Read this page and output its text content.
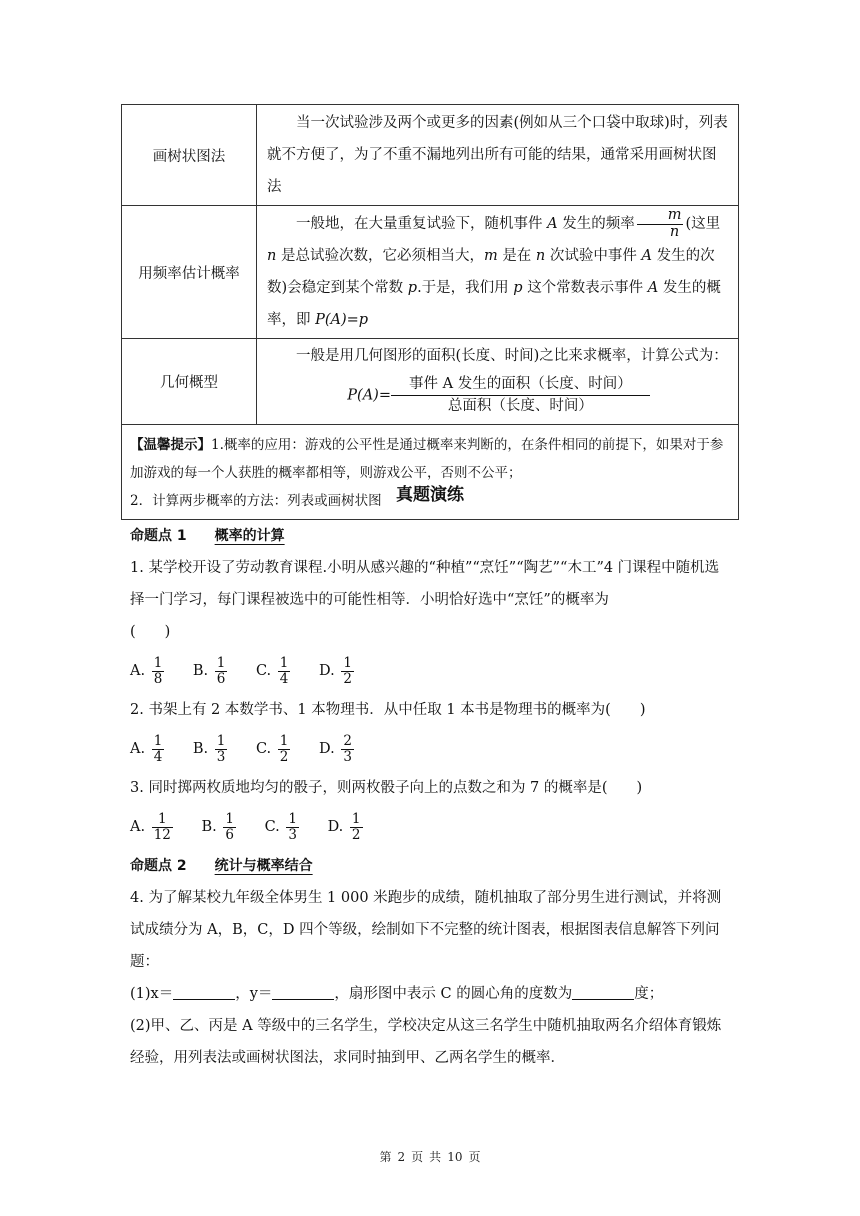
画树状图法	当一次试验涉及两个或更多的因素(例如从三个口袋中取球)时，列表就不方便了，为了不重不漏地列出所有可能的结果，通常采用画树状图法
用频率估计概率	一般地，在大量重复试验下，随机事件 A 发生的频率 $\frac{m}{n}$ (这里 n 是总试验次数，它必须相当大，m 是在 n 次试验中事件 A 发生的次数)会稳定到某个常数 p.于是，我们用 p 这个常数表示事件 A 发生的概率，即 P(A)=p
几何概型	一般是用几何图形的面积(长度、时间)之比来求概率，计算公式为：
$P(A)= \frac{\text{事件 A 发生的面积（长度、时间）}}{\text{总面积（长度、时间）}}$

【温馨提示】1.概率的应用：游戏的公平性是通过概率来判断的，在条件相同的前提下，如果对于参加游戏的每一个人获胜的概率都相等，则游戏公平，否则不公平；
2．计算两步概率的方法：列表或画树状图	真题演练
命题点 1 概率的计算
1. 某学校开设了劳动教育课程.小明从感兴趣的“种植”“烹饪”“陶艺”“木工”4 门课程中随机选择一门学习，每门课程被选中的可能性相等．小明恰好选中“烹饪”的概率为
(　　)
A. $\frac{1}{8} B$. $\frac{1}{6} C$. $\frac{1}{4} D$. $\frac{1}{2}$
2. 书架上有 2 本数学书、1 本物理书．从中任取 1 本书是物理书的概率为(　　)
A. $\frac{1}{4} B$. $\frac{1}{3} C$. $\frac{1}{2} D$. $\frac{2}{3}$
3. 同时掷两枚质地均匀的骰子，则两枚骰子向上的点数之和为 7 的概率是(　　)
A. $\frac{1}{12} B$. $\frac{1}{6} C$. $\frac{1}{3} D$. $\frac{1}{2}$
命题点 2 统计与概率结合
4. 为了解某校九年级全体男生 1 000 米跑步的成绩，随机抽取了部分男生进行测试，并将测试成绩分为 A，B，C，D 四个等级，绘制如下不完整的统计图表，根据图表信息解答下列问题：
(1)x＝	，y＝	，扇形图中表示 C 的圆心角的度数为	度；
(2)甲、乙、丙是 A 等级中的三名学生，学校决定从这三名学生中随机抽取两名介绍体育锻炼经验，用列表法或画树状图法，求同时抽到甲、乙两名学生的概率．
第 2 页 共 10 页
